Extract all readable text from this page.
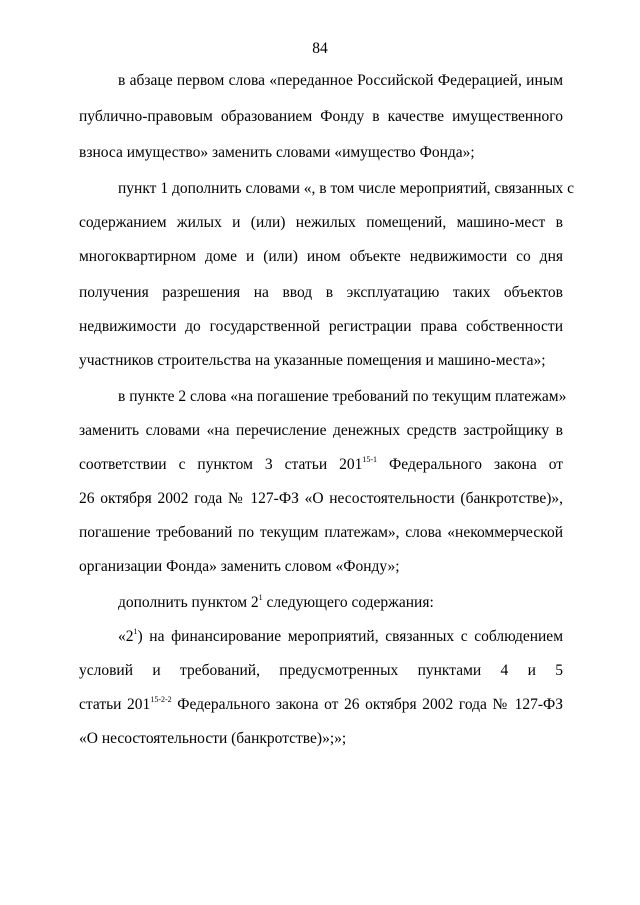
84
в абзаце первом слова «переданное Российской Федерацией, иным
публично-правовым образованием Фонду в качестве имущественного
взноса имущество» заменить словами «имущество Фонда»;
пункт 1 дополнить словами «, в том числе мероприятий, связанных с
содержанием жилых и (или) нежилых помещений, машино-мест в
многоквартирном доме и (или) ином объекте недвижимости со дня
получения разрешения на ввод в эксплуатацию таких объектов
недвижимости до государственной регистрации права собственности
участников строительства на указанные помещения и машино-места»;
в пункте 2 слова «на погашение требований по текущим платежам»
заменить словами «на перечисление денежных средств застройщику в
соответствии с пунктом 3 статьи 201$^{15-1}$ Федерального закона от
26 октября 2002 года № 127-ФЗ «О несостоятельности (банкротстве)»,
погашение требований по текущим платежам», слова «некоммерческой
организации Фонда» заменить словом «Фонду»;
дополнить пунктом $2^1$ следующего содержания:
«$2^1$) на финансирование мероприятий, связанных с соблюдением
условий и требований, предусмотренных пунктами 4 и 5
статьи 201$^{15-2-2}$ Федерального закона от 26 октября 2002 года № 127-ФЗ
«О несостоятельности (банкротстве)»;»;
